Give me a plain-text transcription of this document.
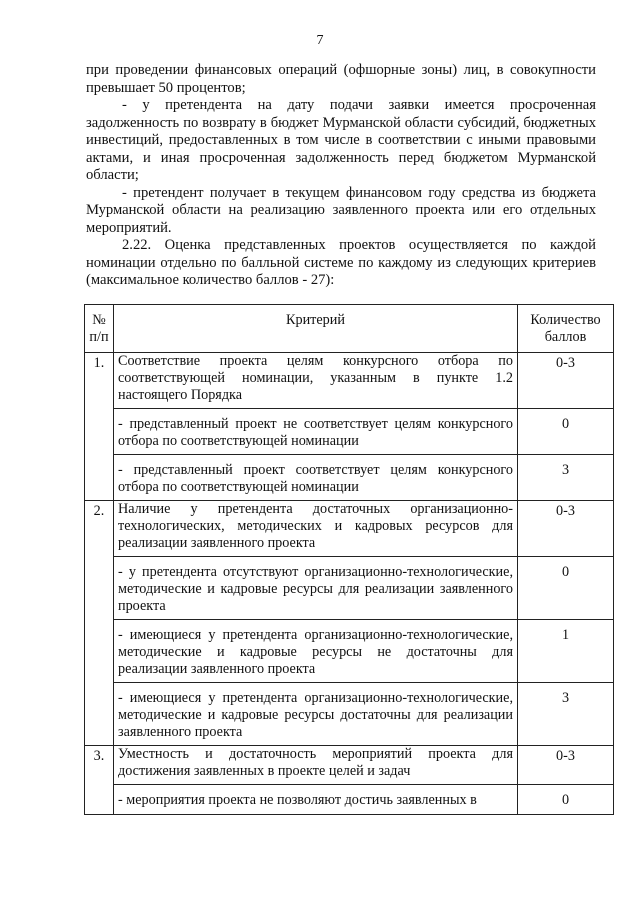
7

при проведении финансовых операций (офшорные зоны) лиц, в совокупности превышает 50 процентов;

- у претендента на дату подачи заявки имеется просроченная задолженность по возврату в бюджет Мурманской области субсидий, бюджетных инвестиций, предоставленных в том числе в соответствии с иными правовыми актами, и иная просроченная задолженность перед бюджетом Мурманской области;

- претендент получает в текущем финансовом году средства из бюджета Мурманской области на реализацию заявленного проекта или его отдельных мероприятий.

2.22. Оценка представленных проектов осуществляется по каждой номинации отдельно по балльной системе по каждому из следующих критериев (максимальное количество баллов - 27):

№ п/п	Критерий	Количество баллов
1.	Соответствие проекта целям конкурсного отбора по соответствующей номинации, указанным в пункте 1.2 настоящего Порядка	0-3
	- представленный проект не соответствует целям конкурсного отбора по соответствующей номинации	0
	- представленный проект соответствует целям конкурсного отбора по соответствующей номинации	3
2.	Наличие у претендента достаточных организационно-технологических, методических и кадровых ресурсов для реализации заявленного проекта	0-3
	- у претендента отсутствуют организационно-технологические, методические и кадровые ресурсы для реализации заявленного проекта	0
	- имеющиеся у претендента организационно-технологические, методические и кадровые ресурсы не достаточны для реализации заявленного проекта	1
	- имеющиеся у претендента организационно-технологические, методические и кадровые ресурсы достаточны для реализации заявленного проекта	3
3.	Уместность и достаточность мероприятий проекта для достижения заявленных в проекте целей и задач	0-3

	- мероприятия проекта не позволяют достичь заявленных в	0
